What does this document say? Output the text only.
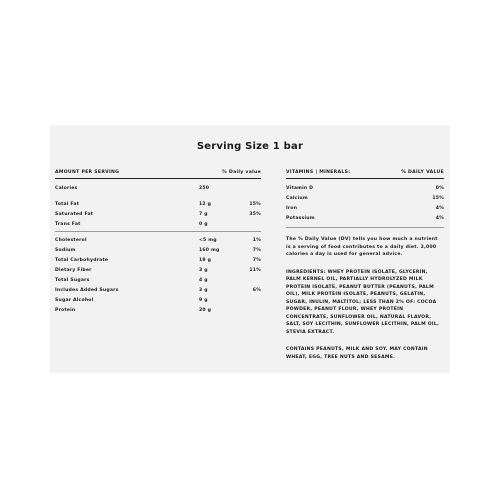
Serving Size 1 bar
AMOUNT PER SERVING	% Daily value
Calories	250
Total Fat	12 g	15%
Saturated Fat	7 g	35%
Trans Fat	0 g
Cholesterol	<5 mg	1%
Sodium	160 mg	7%
Total Carbohydrate	19 g	7%
Dietary Fiber	3 g	11%
Total Sugars	4 g
Includes Added Sugars	3 g	6%
Sugar Alcohol	9 g
Protein	20 g
VITAMINS | MINERALS:	% DAILY VALUE
Vitamin D	0%
Calcium	15%
Iron	4%
Potassium	4%
The % Daily Value (DV) tells you how much a nutrient is a serving of food contributes to a daily diet. 2,000 calories a day is used for general advice.
INGREDIENTS: WHEY PROTEIN ISOLATE, GLYCERIN, PALM KERNEL OIL, PARTIALLY HYDROLYZED MILK PROTEIN ISOLATE, PEANUT BUTTER (PEANUTS, PALM OIL), MILK PROTEIN ISOLATE, PEANUTS, GELATIN, SUGAR, INULIN, MALTITOL; LESS THAN 2% OF: COCOA POWDER, PEANUT FLOUR, WHEY PROTEIN CONCENTRATE, SUNFLOWER OIL, NATURAL FLAVOR, SALT, SOY LECITHIN, SUNFLOWER LECITHIN, PALM OIL, STEVIA EXTRACT.
CONTAINS PEANUTS, MILK AND SOY. MAY CONTAIN WHEAT, EGG, TREE NUTS AND SESAME.
